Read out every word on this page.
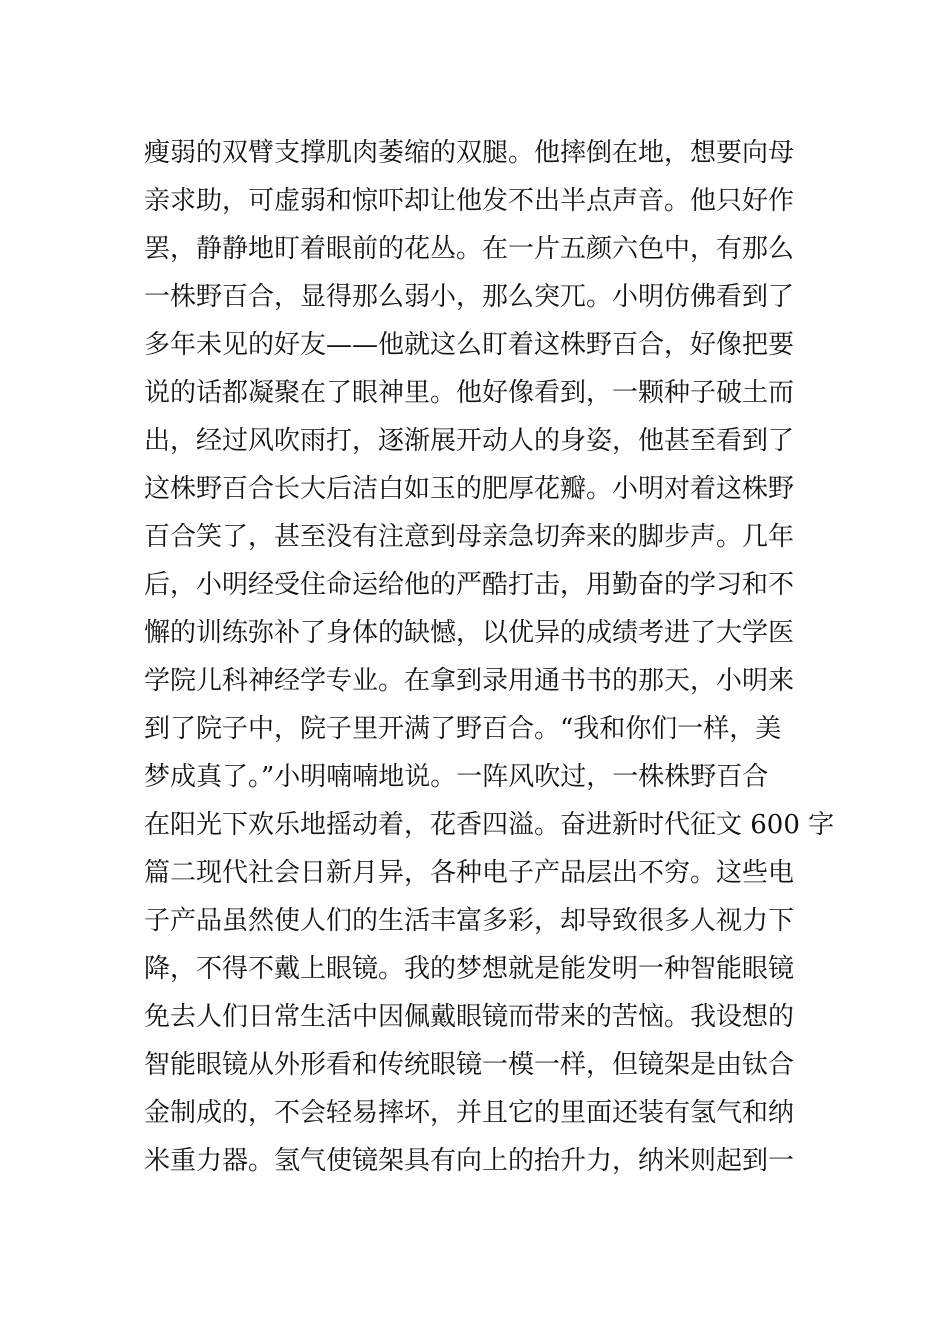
瘦弱的双臂支撑肌肉萎缩的双腿。他摔倒在地，想要向母
亲求助，可虚弱和惊吓却让他发不出半点声音。他只好作
罢，静静地盯着眼前的花丛。在一片五颜六色中，有那么
一株野百合，显得那么弱小，那么突兀。小明仿佛看到了
多年未见的好友——他就这么盯着这株野百合，好像把要
说的话都凝聚在了眼神里。他好像看到，一颗种子破土而
出，经过风吹雨打，逐渐展开动人的身姿，他甚至看到了
这株野百合长大后洁白如玉的肥厚花瓣。小明对着这株野
百合笑了，甚至没有注意到母亲急切奔来的脚步声。几年
后，小明经受住命运给他的严酷打击，用勤奋的学习和不
懈的训练弥补了身体的缺憾，以优异的成绩考进了大学医
学院儿科神经学专业。在拿到录用通书书的那天，小明来
到了院子中，院子里开满了野百合。“我和你们一样，美
梦成真了。”小明喃喃地说。一阵风吹过，一株株野百合
在阳光下欢乐地摇动着，花香四溢。奋进新时代征文 600 字
篇二现代社会日新月异，各种电子产品层出不穷。这些电
子产品虽然使人们的生活丰富多彩，却导致很多人视力下
降，不得不戴上眼镜。我的梦想就是能发明一种智能眼镜
免去人们日常生活中因佩戴眼镜而带来的苦恼。我设想的
智能眼镜从外形看和传统眼镜一模一样，但镜架是由钛合
金制成的，不会轻易摔坏，并且它的里面还装有氢气和纳
米重力器。氢气使镜架具有向上的抬升力，纳米则起到一
